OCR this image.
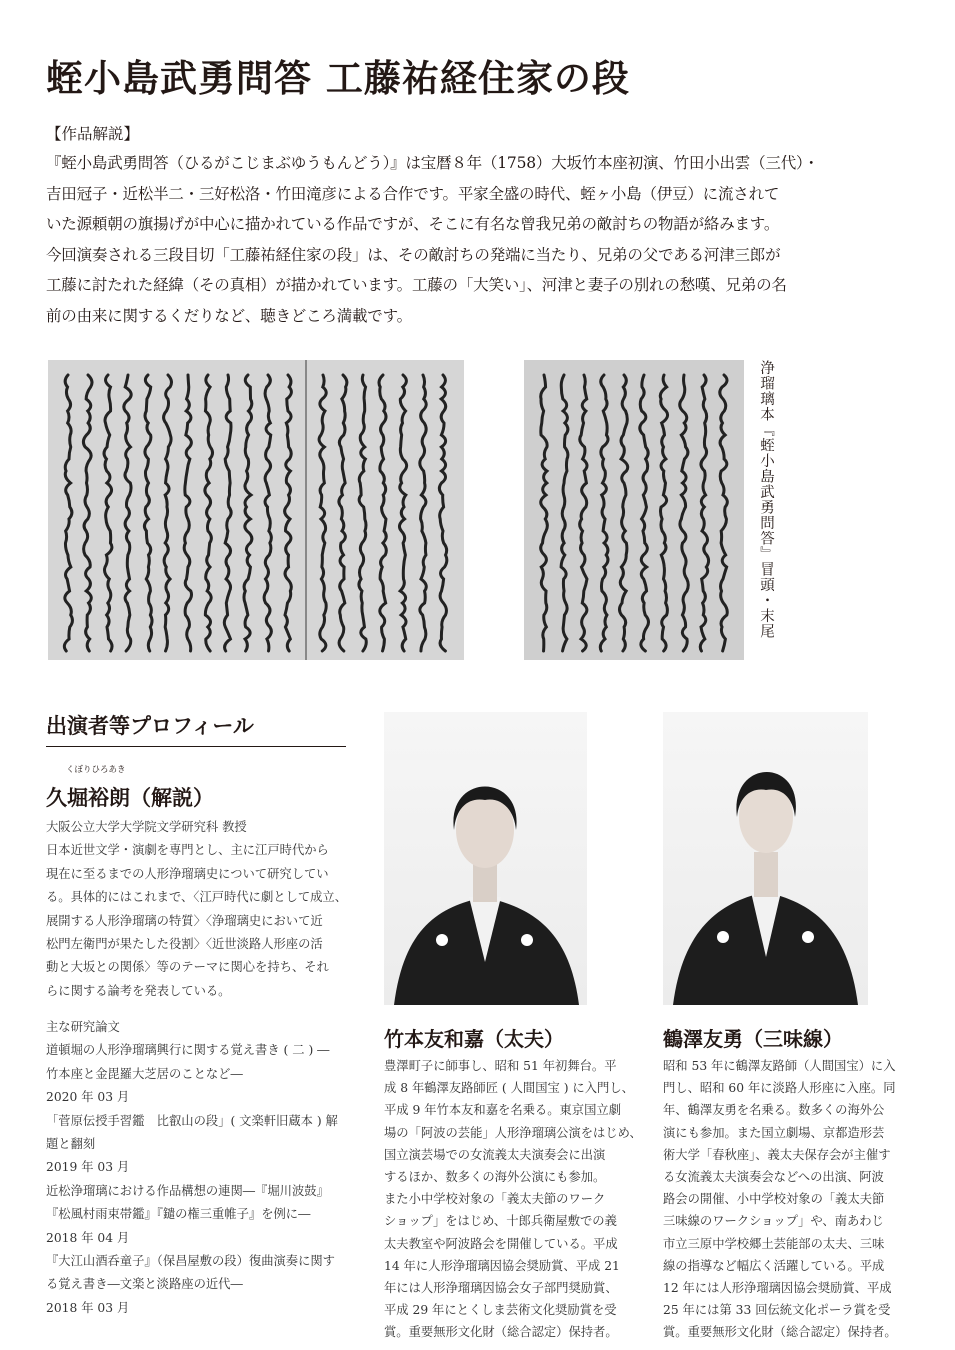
蛭小島武勇問答 工藤祐経住家の段
【作品解説】

『蛭小島武勇問答（ひるがこじまぶゆうもんどう）』は宝暦８年（1758）大坂竹本座初演、竹田小出雲（三代）・
吉田冠子・近松半二・三好松洛・竹田滝彦による合作です。平家全盛の時代、蛭ヶ小島（伊豆）に流されて
いた源頼朝の旗揚げが中心に描かれている作品ですが、そこに有名な曾我兄弟の敵討ちの物語が絡みます。
今回演奏される三段目切「工藤祐経住家の段」は、その敵討ちの発端に当たり、兄弟の父である河津三郎が
工藤に討たれた経緯（その真相）が描かれています。工藤の「大笑い」、河津と妻子の別れの愁嘆、兄弟の名
前の由来に関するくだりなど、聴きどころ満載です。

浄瑠璃本『蛭小島武勇問答』冒頭・末尾
出演者等プロフィール
くぼりひろあき
久堀裕朗（解説）

大阪公立大学大学院文学研究科 教授
日本近世文学・演劇を専門とし、主に江戸時代から
現在に至るまでの人形浄瑠璃史について研究してい
る。具体的にはこれまで、〈江戸時代に劇として成立、
展開する人形浄瑠璃の特質〉〈浄瑠璃史において近
松門左衛門が果たした役割〉〈近世淡路人形座の活
動と大坂との関係〉等のテーマに関心を持ち、それ
らに関する論考を発表している。

主な研究論文
道頓堀の人形浄瑠璃興行に関する覚え書き ( 二 ) ―
竹本座と金毘羅大芝居のことなど―
2020 年 03 月
「菅原伝授手習鑑　比叡山の段」( 文楽軒旧蔵本 ) 解
題と翻刻
2019 年 03 月
近松浄瑠璃における作品構想の連関―『堀川波鼓』
『松風村雨束帯鑑』『鑓の権三重帷子』を例に―
2018 年 04 月
『大江山酒呑童子』（保昌屋敷の段）復曲演奏に関す
る覚え書き―文楽と淡路座の近代―
2018 年 03 月

竹本友和嘉（太夫）

豊澤町子に師事し、昭和 51 年初舞台。平
成 8 年鶴澤友路師匠 ( 人間国宝 ) に入門し、
平成 9 年竹本友和嘉を名乗る。東京国立劇
場の「阿波の芸能」人形浄瑠璃公演をはじめ、
国立演芸場での女流義太夫演奏会に出演
するほか、数多くの海外公演にも参加。
また小中学校対象の「義太夫節のワーク
ショップ」をはじめ、十郎兵衛屋敷での義
太夫教室や阿波路会を開催している。平成
14 年に人形浄瑠璃因協会奨励賞、平成 21
年には人形浄瑠璃因協会女子部門奨励賞、
平成 29 年にとくしま芸術文化奨励賞を受
賞。重要無形文化財（総合認定）保持者。

鶴澤友勇（三味線）

昭和 53 年に鶴澤友路師（人間国宝）に入
門し、昭和 60 年に淡路人形座に入座。同
年、鶴澤友勇を名乗る。数多くの海外公
演にも参加。また国立劇場、京都造形芸
術大学「春秋座」、義太夫保存会が主催す
る女流義太夫演奏会などへの出演、阿波
路会の開催、小中学校対象の「義太夫節
三味線のワークショップ」や、南あわじ
市立三原中学校郷土芸能部の太夫、三味
線の指導など幅広く活躍している。平成
12 年には人形浄瑠璃因協会奨励賞、平成
25 年には第 33 回伝統文化ポーラ賞を受
賞。重要無形文化財（総合認定）保持者。
